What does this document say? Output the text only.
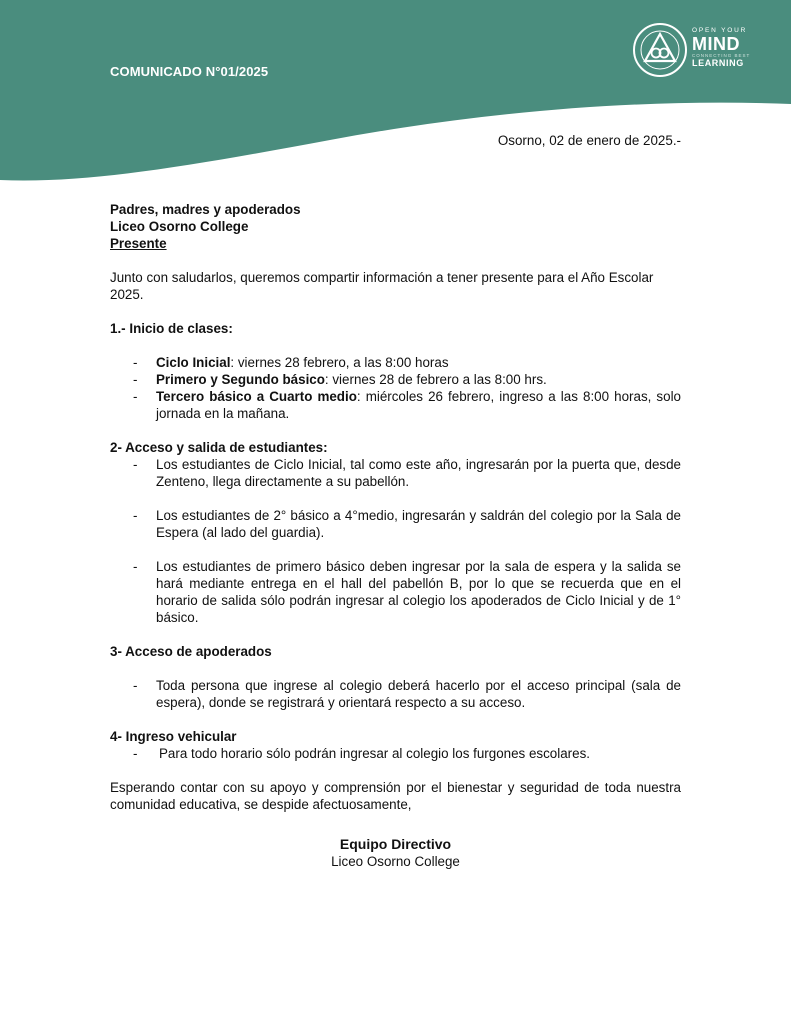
COMUNICADO N°01/2025
OPEN YOUR
MIND
CONNECTING BEST
LEARNING
Osorno, 02 de enero de 2025.-

Padres, madres y apoderados

Liceo Osorno College

Presente

Junto con saludarlos, queremos compartir información a tener presente para el Año Escolar 2025.

1.- Inicio de clases:

- Ciclo Inicial: viernes 28 febrero, a las 8:00 horas
- Primero y Segundo básico: viernes 28 de febrero a las 8:00 hrs.
- Tercero básico a Cuarto medio: miércoles 26 febrero, ingreso a las 8:00 horas, solo jornada en la mañana.

2- Acceso y salida de estudiantes:

- Los estudiantes de Ciclo Inicial, tal como este año, ingresarán por la puerta que, desde Zenteno, llega directamente a su pabellón.
- Los estudiantes de 2° básico a 4°medio, ingresarán y saldrán del colegio por la Sala de Espera (al lado del guardia).
- Los estudiantes de primero básico deben ingresar por la sala de espera y la salida se hará mediante entrega en el hall del pabellón B, por lo que se recuerda que en el horario de salida sólo podrán ingresar al colegio los apoderados de Ciclo Inicial y de 1° básico.

3- Acceso de apoderados

- Toda persona que ingrese al colegio deberá hacerlo por el acceso principal (sala de espera), donde se registrará y orientará respecto a su acceso.

4- Ingreso vehicular

- Para todo horario sólo podrán ingresar al colegio los furgones escolares.

Esperando contar con su apoyo y comprensión por el bienestar y seguridad de toda nuestra comunidad educativa, se despide afectuosamente,

Equipo Directivo
Liceo Osorno College
